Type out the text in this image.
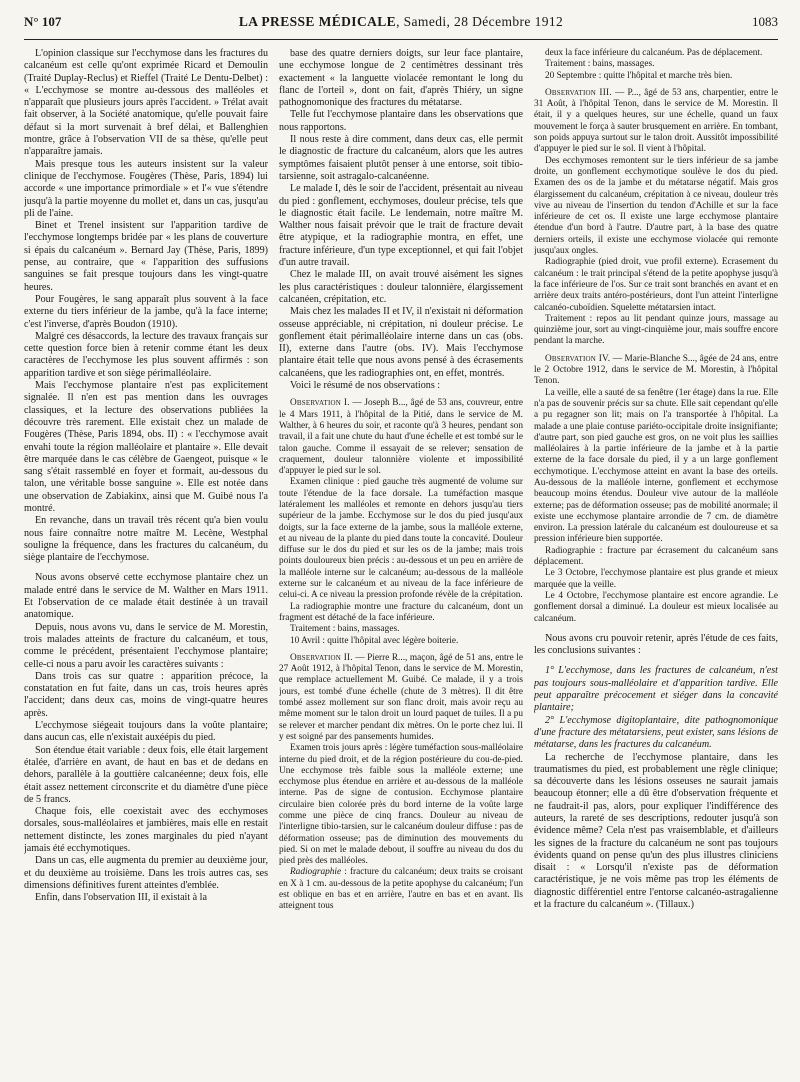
N° 107	LA PRESSE MÉDICALE, Samedi, 28 Décembre 1912	1083

L'opinion classique sur l'ecchymose dans les fractures du calcanéum est celle qu'ont exprimée Ricard et Demoulin (Traité Duplay-Reclus) et Rieffel (Traité Le Dentu-Delbet) : « L'ecchymose se montre au-dessous des malléoles et n'apparaît que plusieurs jours après l'accident. » Trélat avait fait observer, à la Société anatomique, qu'elle pouvait faire défaut si la mort survenait à bref délai, et Ballenghien montre, grâce à l'observation VII de sa thèse, qu'elle peut n'apparaître jamais.

Mais presque tous les auteurs insistent sur la valeur clinique de l'ecchymose. Fougères (Thèse, Paris, 1894) lui accorde « une importance primordiale » et l'« vue s'étendre jusqu'à la partie moyenne du mollet et, dans un cas, jusqu'au pli de l'aine.

Binet et Trenel insistent sur l'apparition tardive de l'ecchymose longtemps bridée par « les plans de couverture si épais du calcanéum ». Bernard Jay (Thèse, Paris, 1899) pense, au contraire, que « l'apparition des suffusions sanguines se fait presque toujours dans les vingt-quatre heures.

Pour Fougères, le sang apparaît plus souvent à la face externe du tiers inférieur de la jambe, qu'à la face interne; c'est l'inverse, d'après Boudon (1910).

Malgré ces désaccords, la lecture des travaux français sur cette question force bien à retenir comme étant les deux caractères de l'ecchymose les plus souvent affirmés : son apparition tardive et son siège périmalléolaire.

Mais l'ecchymose plantaire n'est pas explicitement signalée. Il n'en est pas mention dans les ouvrages classiques, et la lecture des observations publiées la découvre très rarement. Elle existait chez un malade de Fougères (Thèse, Paris 1894, obs. II) : « l'ecchymose avait envahi toute la région malléolaire et plantaire ». Elle devait être marquée dans le cas célèbre de Gaengeot, puisque « le sang s'était rassemblé en foyer et formait, au-dessous du talon, une véritable bosse sanguine ». Elle est notée dans une observation de Zabiakinx, ainsi que M. Guibé nous l'a montré.

En revanche, dans un travail très récent qu'a bien voulu nous faire connaître notre maître M. Lecène, Westphal souligne la fréquence, dans les fractures du calcanéum, du siège plantaire de l'ecchymose.

Nous avons observé cette ecchymose plantaire chez un malade entré dans le service de M. Walther en Mars 1911. Et l'observation de ce malade était destinée à un travail anatomique.

Depuis, nous avons vu, dans le service de M. Morestin, trois malades atteints de fracture du calcanéum, et tous, comme le précédent, présentaient l'ecchymose plantaire; celle-ci nous a paru avoir les caractères suivants :

Dans trois cas sur quatre : apparition précoce, la constatation en fut faite, dans un cas, trois heures après l'accident; dans deux cas, moins de vingt-quatre heures après.

L'ecchymose siégeait toujours dans la voûte plantaire; dans aucun cas, elle n'existait auxéépis du pied.

Son étendue était variable : deux fois, elle était largement étalée, d'arrière en avant, de haut en bas et de dedans en dehors, parallèle à la gouttière calcanéenne; deux fois, elle était assez nettement circonscrite et du diamètre d'une pièce de 5 francs.

Chaque fois, elle coexistait avec des ecchymoses dorsales, sous-malléolaires et jambières, mais elle en restait nettement distincte, les zones marginales du pied n'ayant jamais été ecchymotiques.

Dans un cas, elle augmenta du premier au deuxième jour, et du deuxième au troisième. Dans les trois autres cas, ses dimensions définitives furent atteintes d'emblée.

Enfin, dans l'observation III, il existait à la

base des quatre derniers doigts, sur leur face plantaire, une ecchymose longue de 2 centimètres dessinant très exactement « la languette violacée remontant le long du flanc de l'orteil », dont on fait, d'après Thiéry, un signe pathognomonique des fractures du métatarse.

Telle fut l'ecchymose plantaire dans les observations que nous rapportons.

Il nous reste à dire comment, dans deux cas, elle permit le diagnostic de fracture du calcanéum, alors que les autres symptômes faisaient plutôt penser à une entorse, soit tibio-tarsienne, soit astragalo-calcanéenne.

Le malade I, dès le soir de l'accident, présentait au niveau du pied : gonflement, ecchymoses, douleur précise, tels que le diagnostic était facile. Le lendemain, notre maître M. Walther nous faisait prévoir que le trait de fracture devait être atypique, et la radiographie montra, en effet, une fracture inférieure, d'un type exceptionnel, et qui fait l'objet d'un autre travail.

Chez le malade III, on avait trouvé aisément les signes les plus caractéristiques : douleur talonnière, élargissement calcanéen, crépitation, etc.

Mais chez les malades II et IV, il n'existait ni déformation osseuse appréciable, ni crépitation, ni douleur précise. Le gonflement était périmalléolaire interne dans un cas (obs. II), externe dans l'autre (obs. IV). Mais l'ecchymose plantaire était telle que nous avons pensé à des écrasements calcanéens, que les radiographies ont, en effet, montrés.

Voici le résumé de nos observations :

Observation I. — Joseph B..., âgé de 53 ans, couvreur, entre le 4 Mars 1911, à l'hôpital de la Pitié, dans le service de M. Walther, à 6 heures du soir, et raconte qu'à 3 heures, pendant son travail, il a fait une chute du haut d'une échelle et est tombé sur le talon gauche. Comme il essayait de se relever; sensation de craquement, douleur talonnière violente et impossibilité d'appuyer le pied sur le sol.

Examen clinique : pied gauche très augmenté de volume sur toute l'étendue de la face dorsale. La tuméfaction masque latéralement les malléoles et remonte en dehors jusqu'au tiers supérieur de la jambe. Ecchymose sur le dos du pied jusqu'aux doigts, sur la face externe de la jambe, sous la malléole externe, et au niveau de la plante du pied dans toute la concavité. Douleur diffuse sur le dos du pied et sur les os de la jambe; mais trois points douloureux bien précis : au-dessous et un peu en arrière de la malléole interne sur le calcanéum; au-dessous de la malléole externe sur le calcanéum et au niveau de la face inférieure de celui-ci. A ce niveau la pression profonde révèle de la crépitation.

La radiographie montre une fracture du calcanéum, dont un fragment est détaché de la face inférieure.

Traitement : bains, massages.

10 Avril : quitte l'hôpital avec légère boiterie.

Observation II. — Pierre R..., maçon, âgé de 51 ans, entre le 27 Août 1912, à l'hôpital Tenon, dans le service de M. Morestin, que remplace actuellement M. Guibé. Ce malade, il y a trois jours, est tombé d'une échelle (chute de 3 mètres). Il dit être tombé assez mollement sur son flanc droit, mais avoir reçu au même moment sur le talon droit un lourd paquet de tuiles. Il a pu se relever et marcher pendant dix mètres. On le porte chez lui. Il y est soigné par des pansements humides.

Examen trois jours après : légère tuméfaction sous-malléolaire interne du pied droit, et de la région postérieure du cou-de-pied. Une ecchymose très faible sous la malléole externe; une ecchymose plus étendue en arrière et au-dessous de la malléole interne. Pas de signe de contusion. Ecchymose plantaire circulaire bien colorée près du bord interne de la voûte large comme une pièce de cinq francs. Douleur au niveau de l'interligne tibio-tarsien, sur le calcanéum douleur diffuse : pas de déformation osseuse; pas de diminution des mouvements du pied. Si on met le malade debout, il souffre au niveau du dos du pied près des malléoles.

Radiographie : fracture du calcanéum; deux traits se croisant en X à 1 cm. au-dessous de la petite apophyse du calcanéum; l'un est oblique en bas et en arrière, l'autre en bas et en avant. Ils atteignent tous

deux la face inférieure du calcanéum. Pas de déplacement.

Traitement : bains, massages.

20 Septembre : quitte l'hôpital et marche très bien.

Observation III. — P..., âgé de 53 ans, charpentier, entre le 31 Août, à l'hôpital Tenon, dans le service de M. Morestin. Il était, il y a quelques heures, sur une échelle, quand un faux mouvement le força à sauter brusquement en arrière. En tombant, son poids appuya surtout sur le talon droit. Aussitôt impossibilité d'appuyer le pied sur le sol. Il vient à l'hôpital.

Des ecchymoses remontent sur le tiers inférieur de sa jambe droite, un gonflement ecchymotique soulève le dos du pied. Examen des os de la jambe et du métatarse négatif. Mais gros élargissement du calcanéum, crépitation à ce niveau, douleur très vive au niveau de l'insertion du tendon d'Achille et sur la face inférieure de cet os. Il existe une large ecchymose plantaire étendue d'un bord à l'autre. D'autre part, à la base des quatre derniers orteils, il existe une ecchymose violacée qui remonte jusqu'aux ongles.

Radiographie (pied droit, vue profil externe). Ecrasement du calcanéum : le trait principal s'étend de la petite apophyse jusqu'à la face inférieure de l'os. Sur ce trait sont branchés en avant et en arrière deux traits antéro-postérieurs, dont l'un atteint l'interligne calcanéo-cuboïdien. Squelette métatarsien intact.

Traitement : repos au lit pendant quinze jours, massage au quinzième jour, sort au vingt-cinquième jour, mais souffre encore pendant la marche.

Observation IV. — Marie-Blanche S..., âgée de 24 ans, entre le 2 Octobre 1912, dans le service de M. Morestin, à l'hôpital Tenon.

La veille, elle a sauté de sa fenêtre (1er étage) dans la rue. Elle n'a pas de souvenir précis sur sa chute. Elle sait cependant qu'elle a pu regagner son lit; mais on l'a transportée à l'hôpital. La malade a une plaie contuse pariéto-occipitale droite insignifiante; d'autre part, son pied gauche est gros, on ne voit plus les saillies malléolaires à la partie inférieure de la jambe et à la partie externe de la face dorsale du pied, il y a un large gonflement ecchymotique. L'ecchymose atteint en avant la base des orteils. Au-dessous de la malléole interne, gonflement et ecchymose beaucoup moins étendus. Douleur vive autour de la malléole externe; pas de déformation osseuse; pas de mobilité anormale; il existe une ecchymose plantaire arrondie de 7 cm. de diamètre environ. La pression latérale du calcanéum est douloureuse et sa pression inférieure bien supportée.

Radiographie : fracture par écrasement du calcanéum sans déplacement.

Le 3 Octobre, l'ecchymose plantaire est plus grande et mieux marquée que la veille.

Le 4 Octobre, l'ecchymose plantaire est encore agrandie. Le gonflement dorsal a diminué. La douleur est mieux localisée au calcanéum.

Nous avons cru pouvoir retenir, après l'étude de ces faits, les conclusions suivantes :

1° L'ecchymose, dans les fractures de calcanéum, n'est pas toujours sous-malléolaire et d'apparition tardive. Elle peut apparaître précocement et siéger dans la concavité plantaire;

2° L'ecchymose digitoplantaire, dite pathognomonique d'une fracture des métatarsiens, peut exister, sans lésions de métatarse, dans les fractures du calcanéum.

La recherche de l'ecchymose plantaire, dans les traumatismes du pied, est probablement une règle clinique; sa découverte dans les lésions osseuses ne saurait jamais beaucoup étonner; elle a dû être d'observation fréquente et ne faudrait-il pas, alors, pour expliquer l'indifférence des auteurs, la rareté de ses descriptions, redouter jusqu'à son évidence même? Cela n'est pas vraisemblable, et d'ailleurs les signes de la fracture du calcanéum ne sont pas toujours évidents quand on pense qu'un des plus illustres cliniciens disait : « Lorsqu'il n'existe pas de déformation caractéristique, je ne vois même pas trop les éléments de diagnostic différentiel entre l'entorse calcanéo-astragalienne et la fracture du calcanéum ». (Tillaux.)
